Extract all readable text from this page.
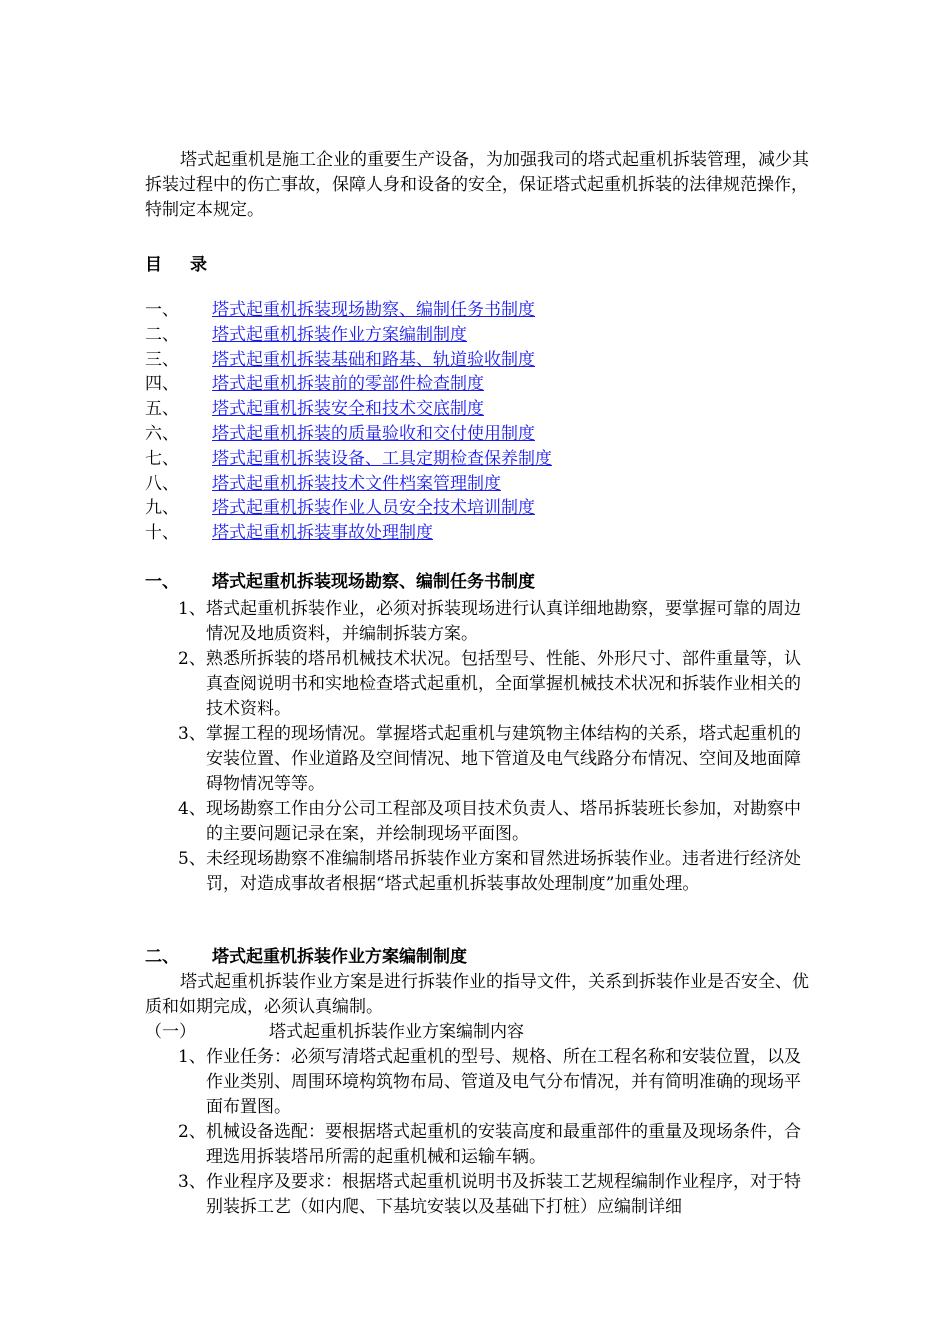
塔式起重机是施工企业的重要生产设备，为加强我司的塔式起重机拆装管理，减少其拆装过程中的伤亡事故，保障人身和设备的安全，保证塔式起重机拆装的法律规范操作，特制定本规定。
目 录
一、 塔式起重机拆装现场勘察、编制任务书制度
二、 塔式起重机拆装作业方案编制制度
三、 塔式起重机拆装基础和路基、轨道验收制度
四、 塔式起重机拆装前的零部件检查制度
五、 塔式起重机拆装安全和技术交底制度
六、 塔式起重机拆装的质量验收和交付使用制度
七、 塔式起重机拆装设备、工具定期检查保养制度
八、 塔式起重机拆装技术文件档案管理制度
九、 塔式起重机拆装作业人员安全技术培训制度
十、 塔式起重机拆装事故处理制度
一、 塔式起重机拆装现场勘察、编制任务书制度

1、 塔式起重机拆装作业，必须对拆装现场进行认真详细地勘察，要掌握可靠的周边情况及地质资料，并编制拆装方案。

2、 熟悉所拆装的塔吊机械技术状况。包括型号、性能、外形尺寸、部件重量等，认真查阅说明书和实地检查塔式起重机，全面掌握机械技术状况和拆装作业相关的技术资料。

3、 掌握工程的现场情况。掌握塔式起重机与建筑物主体结构的关系，塔式起重机的安装位置、作业道路及空间情况、地下管道及电气线路分布情况、空间及地面障碍物情况等等。

4、 现场勘察工作由分公司工程部及项目技术负责人、塔吊拆装班长参加，对勘察中的主要问题记录在案，并绘制现场平面图。

5、 未经现场勘察不准编制塔吊拆装作业方案和冒然进场拆装作业。违者进行经济处罚，对造成事故者根据“塔式起重机拆装事故处理制度”加重处理。

二、 塔式起重机拆装作业方案编制制度
塔式起重机拆装作业方案是进行拆装作业的指导文件，关系到拆装作业是否安全、优质和如期完成，必须认真编制。
（一）	塔式起重机拆装作业方案编制内容

1、 作业任务：必须写清塔式起重机的型号、规格、所在工程名称和安装位置，以及作业类别、周围环境构筑物布局、管道及电气分布情况，并有简明准确的现场平面布置图。

2、 机械设备选配：要根据塔式起重机的安装高度和最重部件的重量及现场条件，合理选用拆装塔吊所需的起重机械和运输车辆。

3、 作业程序及要求：根据塔式起重机说明书及拆装工艺规程编制作业程序，对于特别装拆工艺（如内爬、下基坑安装以及基础下打桩）应编制详细
